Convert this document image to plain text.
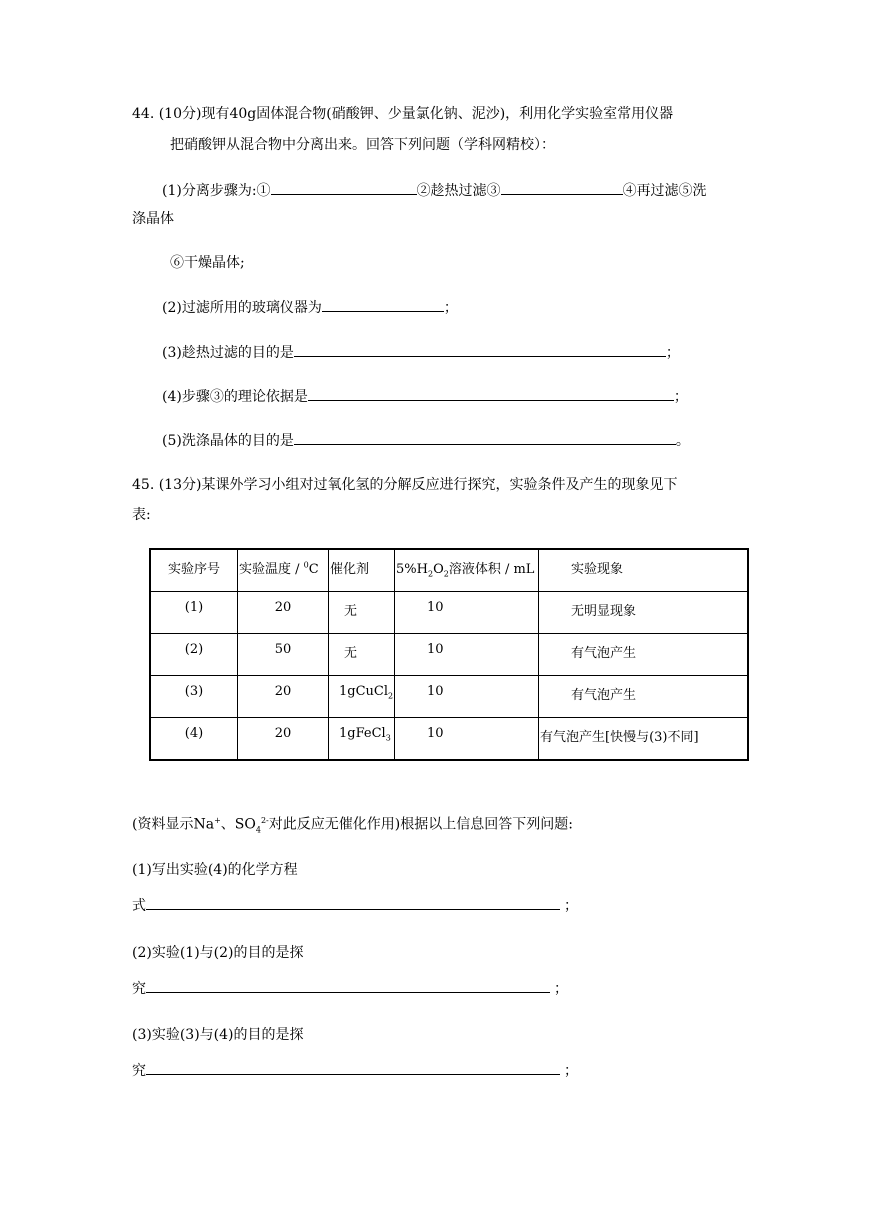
44. (10分)现有40g固体混合物(硝酸钾、少量氯化钠、泥沙)，利用化学实验室常用仪器
把硝酸钾从混合物中分离出来。回答下列问题（学科网精校）：
(1)分离步骤为:①	②趁热过滤③	④再过滤⑤洗
涤晶体
⑥干燥晶体;
(2)过滤所用的玻璃仪器为	；
(3)趁热过滤的目的是	；
(4)步骤③的理论依据是	；
(5)洗涤晶体的目的是	。
45. (13分)某课外学习小组对过氧化氢的分解反应进行探究，实验条件及产生的现象见下
表:
实验序号	实验温度 / $^0$C	催化剂	$5\%H_2O_2$溶液体积 / mL	实验现象

(1)	20	无	10	无明显现象

(2)	50	无	10	有气泡产生

(3)	20	1gCuCl$_2$	10	有气泡产生

(4)	20	1gFeCl$_3$	10	有气泡产生[快慢与(3)不同]
(资料显示Na+、$SO_4^{2-}$对此反应无催化作用)根据以上信息回答下列问题:
(1)写出实验(4)的化学方程
式	；
(2)实验(1)与(2)的目的是探
究	；
(3)实验(3)与(4)的目的是探
究	；
